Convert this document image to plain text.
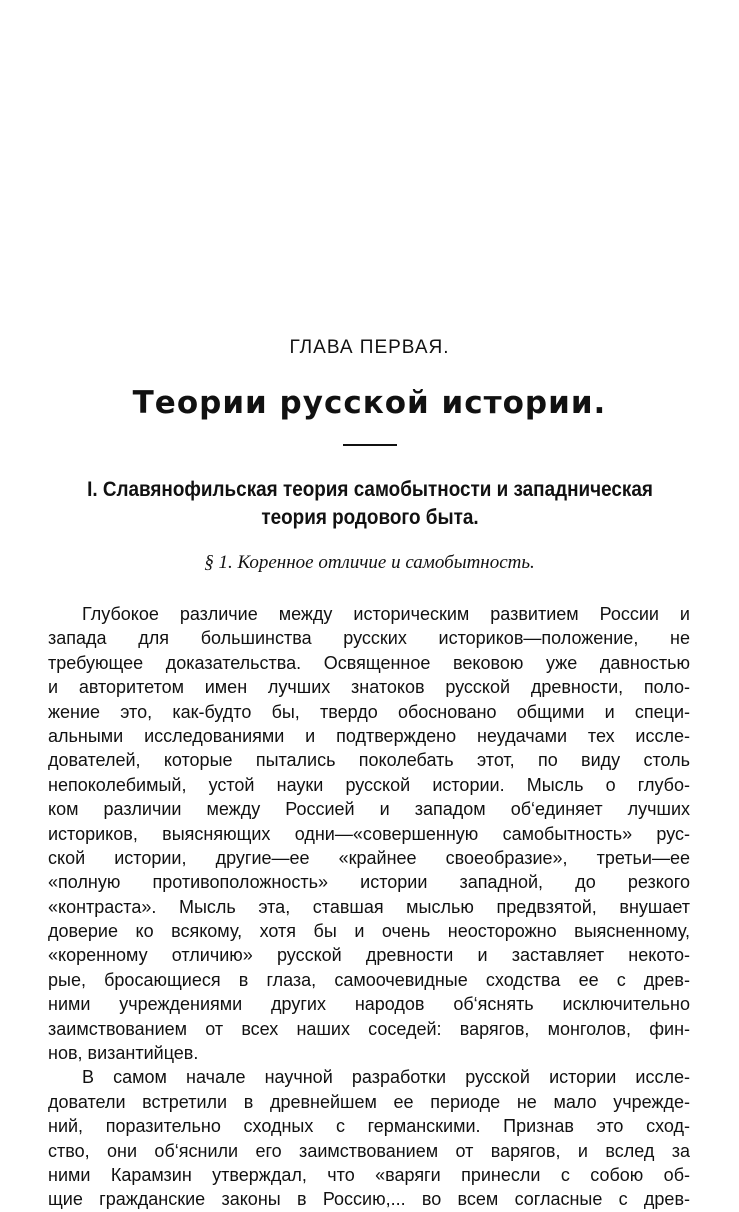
ГЛАВА ПЕРВАЯ.
Теории русской истории.
I. Славянофильская теория самобытности и западническая
теория родового быта.
§ 1. Коренное отличие и самобытность.
Глубокое различие между историческим развитием России и
запада для большинства русских историков—положение, не
требующее доказательства. Освященное вековою уже давностью
и авторитетом имен лучших знатоков русской древности, поло-
жение это, как-будто бы, твердо обосновано общими и специ-
альными исследованиями и подтверждено неудачами тех иссле-
дователей, которые пытались поколебать этот, по виду столь
непоколебимый, устой науки русской истории. Мысль о глубо-
ком различии между Россией и западом об‘единяет лучших
историков, выясняющих одни—«совершенную самобытность» рус-
ской истории, другие—ее «крайнее своеобразие», третьи—ее
«полную противоположность» истории западной, до резкого
«контраста». Мысль эта, ставшая мыслью предвзятой, внушает
доверие ко всякому, хотя бы и очень неосторожно выясненному,
«коренному отличию» русской древности и заставляет некото-
рые, бросающиеся в глаза, самоочевидные сходства ее с древ-
ними учреждениями других народов об‘яснять исключительно
заимствованием от всех наших соседей: варягов, монголов, фин-
нов, византийцев.
В самом начале научной разработки русской истории иссле-
дователи встретили в древнейшем ее периоде не мало учрежде-
ний, поразительно сходных с германскими. Признав это сход-
ство, они об‘яснили его заимствованием от варягов, и вслед за
ними Карамзин утверждал, что «варяги принесли с собою об-
щие гражданские законы в Россию,... во всем согласные с древ-
